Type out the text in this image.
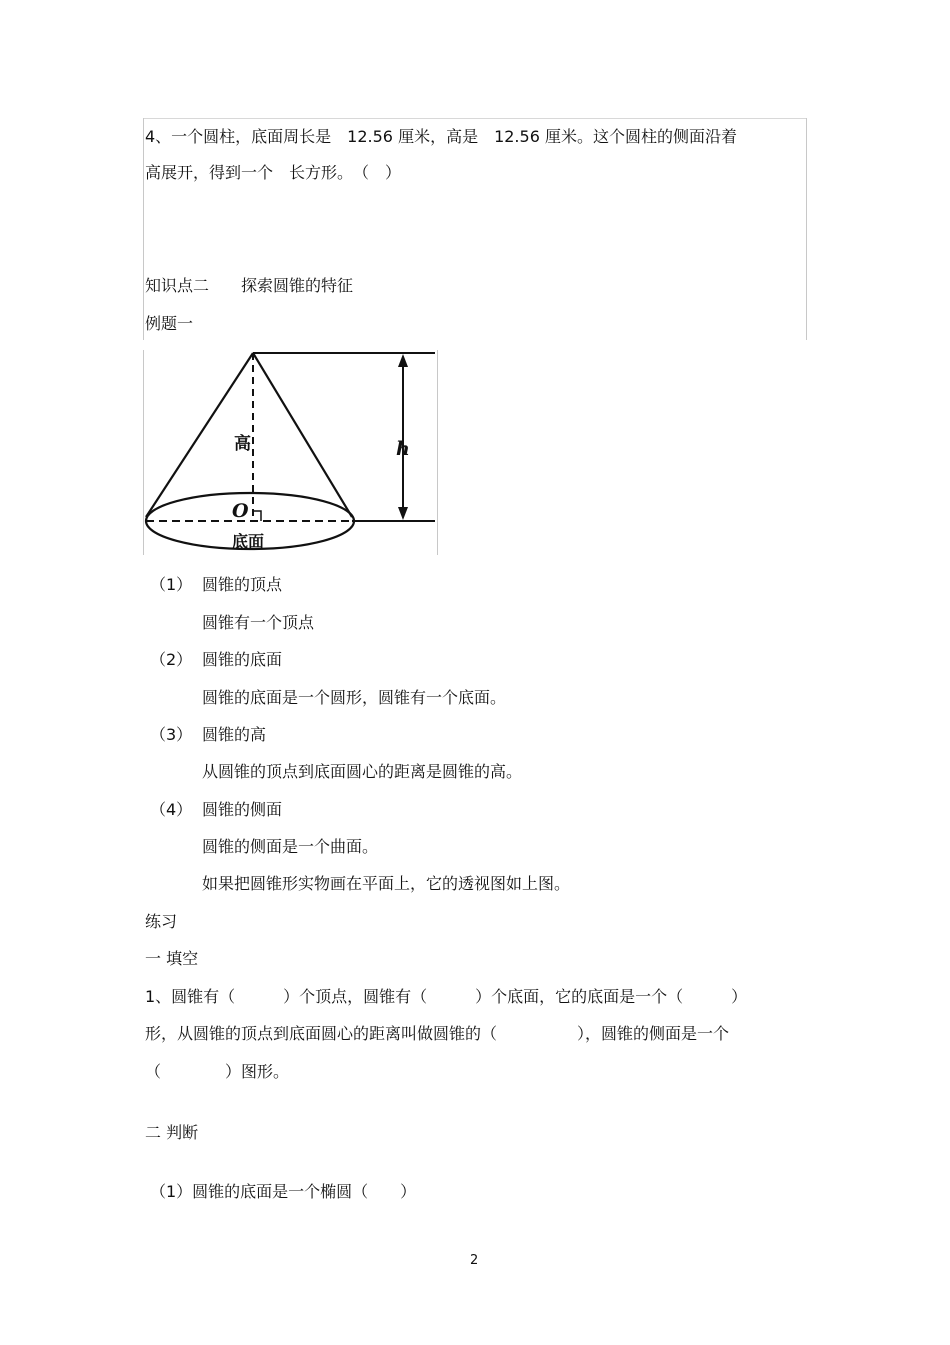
4、一个圆柱，底面周长是　12.56 厘米，高是　12.56 厘米。这个圆柱的侧面沿着
高展开，得到一个　长方形。　（　）
知识点二　　探索圆锥的特征
例题一
高	h
O
底面
（1） 圆锥的顶点
圆锥有一个顶点
（2） 圆锥的底面
圆锥的底面是一个圆形，圆锥有一个底面。
（3） 圆锥的高
从圆锥的顶点到底面圆心的距离是圆锥的高。
（4） 圆锥的侧面
圆锥的侧面是一个曲面。
如果把圆锥形实物画在平面上，它的透视图如上图。
练习
一 填空
1、圆锥有（　　　）个顶点，圆锥有（　　　）个底面，它的底面是一个（　　　）
形，从圆锥的顶点到底面圆心的距离叫做圆锥的（　　　　　），圆锥的侧面是一个
（　　　　）图形。
二 判断
（1）圆锥的底面是一个椭圆（　　）
2
